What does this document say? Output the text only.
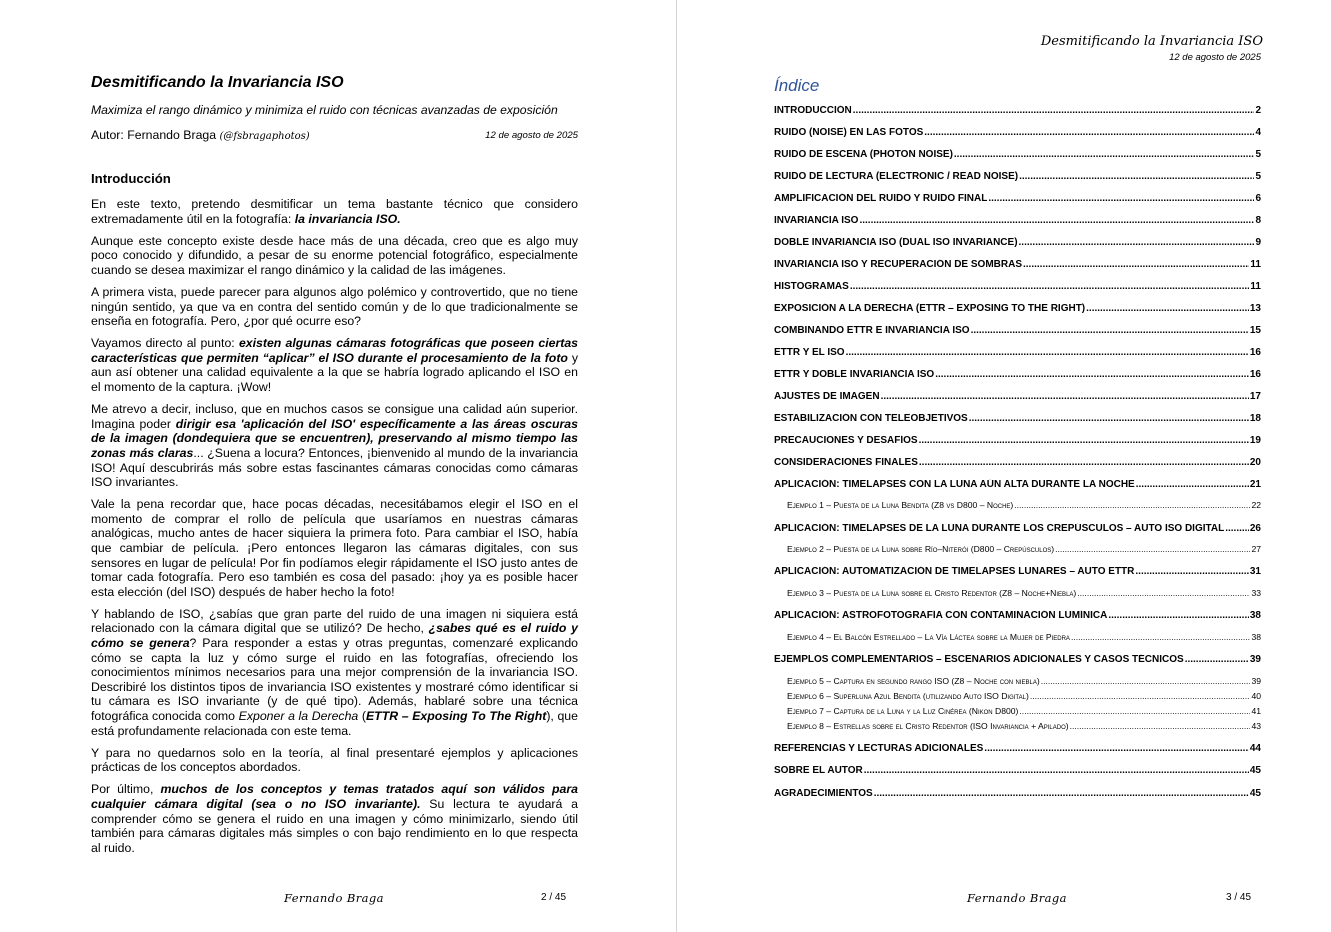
Desmitificando la Invariancia ISO
Maximiza el rango dinámico y minimiza el ruido con técnicas avanzadas de exposición
Autor: Fernando Braga (@fsbragaphotos)	12 de agosto de 2025
Introducción

En este texto, pretendo desmitificar un tema bastante técnico que considero extremadamente útil en la fotografía: la invariancia ISO.

Aunque este concepto existe desde hace más de una década, creo que es algo muy poco conocido y difundido, a pesar de su enorme potencial fotográfico, especialmente cuando se desea maximizar el rango dinámico y la calidad de las imágenes.

A primera vista, puede parecer para algunos algo polémico y controvertido, que no tiene ningún sentido, ya que va en contra del sentido común y de lo que tradicionalmente se enseña en fotografía. Pero, ¿por qué ocurre eso?

Vayamos directo al punto: existen algunas cámaras fotográficas que poseen ciertas características que permiten “aplicar” el ISO durante el procesamiento de la foto y aun así obtener una calidad equivalente a la que se habría logrado aplicando el ISO en el momento de la captura. ¡Wow!

Me atrevo a decir, incluso, que en muchos casos se consigue una calidad aún superior. Imagina poder dirigir esa 'aplicación del ISO' específicamente a las áreas oscuras de la imagen (dondequiera que se encuentren), preservando al mismo tiempo las zonas más claras... ¿Suena a locura? Entonces, ¡bienvenido al mundo de la invariancia ISO! Aquí descubrirás más sobre estas fascinantes cámaras conocidas como cámaras ISO invariantes.

Vale la pena recordar que, hace pocas décadas, necesitábamos elegir el ISO en el momento de comprar el rollo de película que usaríamos en nuestras cámaras analógicas, mucho antes de hacer siquiera la primera foto. Para cambiar el ISO, había que cambiar de película. ¡Pero entonces llegaron las cámaras digitales, con sus sensores en lugar de película! Por fin podíamos elegir rápidamente el ISO justo antes de tomar cada fotografía. Pero eso también es cosa del pasado: ¡hoy ya es posible hacer esta elección (del ISO) después de haber hecho la foto!

Y hablando de ISO, ¿sabías que gran parte del ruido de una imagen ni siquiera está relacionado con la cámara digital que se utilizó? De hecho, ¿sabes qué es el ruido y cómo se genera? Para responder a estas y otras preguntas, comenzaré explicando cómo se capta la luz y cómo surge el ruido en las fotografías, ofreciendo los conocimientos mínimos necesarios para una mejor comprensión de la invariancia ISO. Describiré los distintos tipos de invariancia ISO existentes y mostraré cómo identificar si tu cámara es ISO invariante (y de qué tipo). Además, hablaré sobre una técnica fotográfica conocida como Exponer a la Derecha (ETTR – Exposing To The Right), que está profundamente relacionada con este tema.

Y para no quedarnos solo en la teoría, al final presentaré ejemplos y aplicaciones prácticas de los conceptos abordados.

Por último, muchos de los conceptos y temas tratados aquí son válidos para cualquier cámara digital (sea o no ISO invariante). Su lectura te ayudará a comprender cómo se genera el ruido en una imagen y cómo minimizarlo, siendo útil también para cámaras digitales más simples o con bajo rendimiento en lo que respecta al ruido.

Fernando Braga	2 / 45
Desmitificando la Invariancia ISO
12 de agosto de 2025
Índice
INTRODUCCIÓN .....	2
RUIDO (NOISE) EN LAS FOTOS .....	4
RUIDO DE ESCENA (PHOTON NOISE) .....	5
RUIDO DE LECTURA (ELECTRONIC / READ NOISE) .....	5
AMPLIFICACIÓN DEL RUIDO Y RUIDO FINAL .....	6
INVARIANCIA ISO .....	8
DOBLE INVARIANCIA ISO (DUAL ISO INVARIANCE) .....	9
INVARIANCIA ISO Y RECUPERACIÓN DE SOMBRAS .....	11
HISTOGRAMAS .....	11
EXPOSICIÓN A LA DERECHA (ETTR – EXPOSING TO THE RIGHT) .....	13
COMBINANDO ETTR E INVARIANCIA ISO .....	15
ETTR Y EL ISO .....	16
ETTR Y DOBLE INVARIANCIA ISO .....	16
AJUSTES DE IMAGEN .....	17
ESTABILIZACIÓN CON TELEOBJETIVOS .....	18
PRECAUCIONES Y DESAFÍOS .....	19
CONSIDERACIONES FINALES .....	20
APLICACIÓN: TIMELAPSES CON LA LUNA AÚN ALTA DURANTE LA NOCHE .....	21
Ejemplo 1 – Puesta de la Luna Bendita (Z8 vs D800 – Noche) .....	22
APLICACIÓN: TIMELAPSES DE LA LUNA DURANTE LOS CREPÚSCULOS – AUTO ISO DIGITAL .....	26
Ejemplo 2 – Puesta de la Luna sobre Río–Niterói (D800 – Crepúsculos) .....	27
APLICACIÓN: AUTOMATIZACIÓN DE TIMELAPSES LUNARES – AUTO ETTR .....	31
Ejemplo 3 – Puesta de la Luna sobre el Cristo Redentor (Z8 – Noche+Niebla) .....	33
APLICACIÓN: ASTROFOTOGRAFÍA CON CONTAMINACIÓN LUMÍNICA .....	38
Ejemplo 4 – El Balcón Estrellado – La Vía Láctea sobre la Mujer de Piedra .....	38
EJEMPLOS COMPLEMENTARIOS – ESCENARIOS ADICIONALES Y CASOS TÉCNICOS .....	39
Ejemplo 5 – Captura en segundo rango ISO (Z8 – Noche con niebla) .....	39
Ejemplo 6 – Superluna Azul Bendita (utilizando Auto ISO Digital) .....	40
Ejemplo 7 – Captura de la Luna y la Luz Cinérea (Nikon D800) .....	41
Ejemplo 8 – Estrellas sobre el Cristo Redentor (ISO Invariancia + Apilado) .....	43
REFERENCIAS Y LECTURAS ADICIONALES .....	44
SOBRE EL AUTOR .....	45
AGRADECIMIENTOS .....	45
Fernando Braga	3 / 45
